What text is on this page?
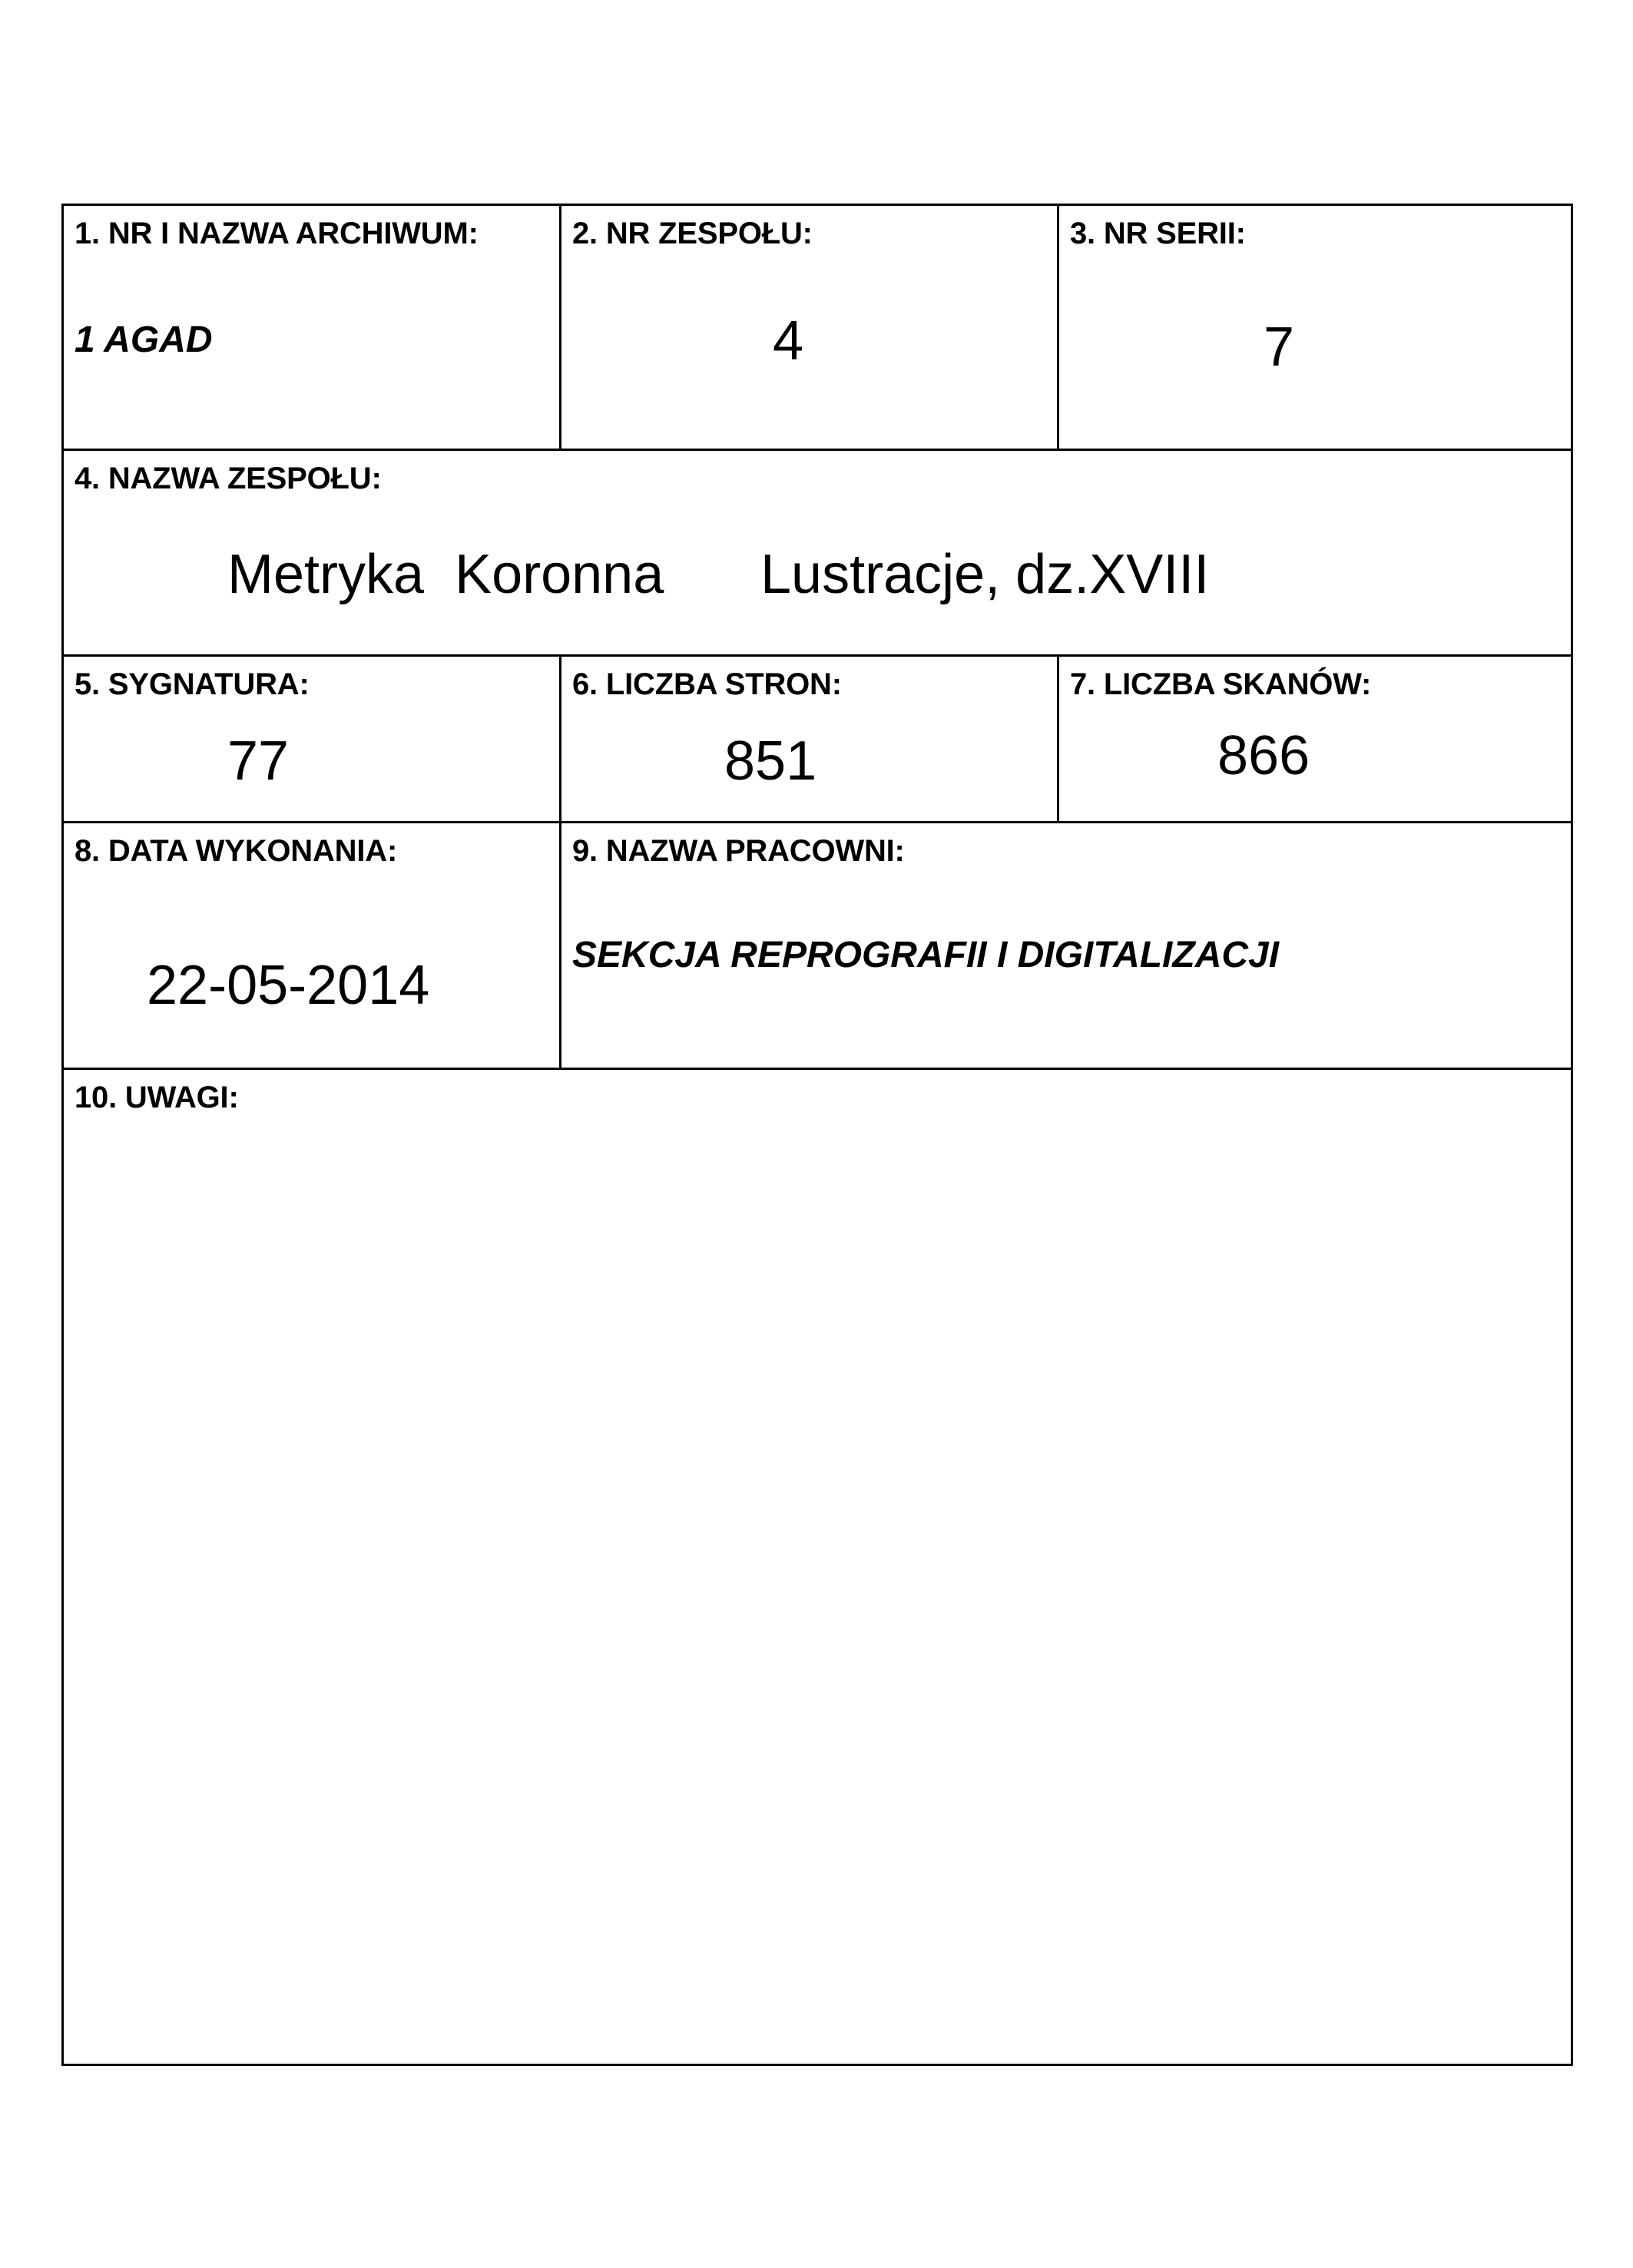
1. NR I NAZWA ARCHIWUM:
1 AGAD
2. NR ZESPOŁU:
4
3. NR SERII:
7
4. NAZWA ZESPOŁU:
Metryka  Koronna Lustracje, dz.XVIII
5. SYGNATURA:
77
6. LICZBA STRON:
851
7. LICZBA SKANÓW:
866
8. DATA WYKONANIA:
22-05-2014
9. NAZWA PRACOWNI:
SEKCJA REPROGRAFII I DIGITALIZACJI
10. UWAGI:
